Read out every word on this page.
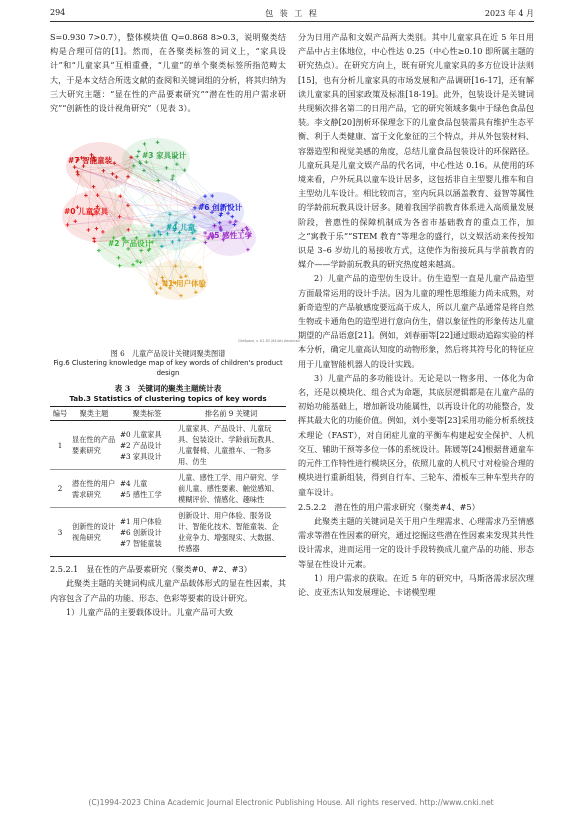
294	包 装 工 程	2023 年 4 月

S=0.930 7>0.7），整体模块值 Q=0.868 8>0.3，说明聚类结构是合理可信的[1]。然而，在各聚类标签的词义上，“家具设计”和“儿童家具”互相重叠，“儿童”的单个聚类标签所指范畴太大，于是本文结合所选文献的查阅和关键词组的分析，将其归纳为三大研究主题：“显在性的产品要素研究”“潜在性的用户需求研究”“创新性的设计视角研究”（见表 3）。

#7 智能童装
#3 家具设计
#0 儿童家具	#6 创新设计
#4 儿童
#5 感性工学
#2 产品设计
#1 用户体验
CiteSpace, v. 6.1.R2 (64-bit) Advanced
图 6　儿童产品设计关键词聚类图谱
Fig.6 Clustering knowledge map of key words of children's product design
表 3　关键词的聚类主题统计表
Tab.3 Statistics of clustering topics of key words
编号	聚类主题	聚类标签	排名前 9 关键词
1	显在性的产品要素研究	#0 儿童家具
#2 产品设计
#3 家具设计	儿童家具、产品设计、儿童玩具、包装设计、学龄前玩教具、儿童餐椅、儿童推车、一物多用、仿生
2	潜在性的用户需求研究	#4 儿童
#5 感性工学	儿童、感性工学、用户研究、学前儿童、感性要素、触觉感知、模糊评价、情感化、趣味性
3	创新性的设计视角研究	#1 用户体验
#6 创新设计
#7 智能童装	创新设计、用户体验、服务设计、智能化技术、智能童装、企业竞争力、增强现实、大数据、传感器

2.5.2.1　显在性的产品要素研究（聚类#0、#2、#3）

此聚类主题的关键词构成儿童产品载体形式的显在性因素，其内容包含了产品的功能、形态、色彩等要素的设计研究。

1）儿童产品的主要载体设计。儿童产品可大致

分为日用产品和文娱产品两大类别。其中儿童家具在近 5 年日用产品中占主体地位，中心性达 0.25（中心性≥0.10 即所属主题的研究热点）。在研究方向上，既有研究儿童家具的多方位设计法则[15]，也有分析儿童家具的市场发展和产品调研[16-17]，还有解读儿童家具的国家政策及标准[18-19]。此外，包装设计是关键词共现频次排名第二的日用产品，它的研究领域多集中于绿色食品包装。李文静[20]剖析环保理念下的儿童食品包装需具有维护生态平衡、利于人类健康、富于文化象征的三个特点，并从外包装材料、容器造型和视觉美感的角度，总结儿童食品包装设计的环保路径。儿童玩具是儿童文娱产品的代名词，中心性达 0.16。从使用的环境来看，户外玩具以童车设计居多，这包括非自主型婴儿推车和自主型幼儿车设计。相比较而言，室内玩具以涵盖教育、益智等属性的学龄前玩教具设计居多。随着我国学前教育体系进入高质量发展阶段，普惠性的保障机制成为各省市基础教育的重点工作，加之“寓教于乐”“STEM 教育”等理念的盛行，以文娱活动来传授知识是 3–6 岁幼儿的易接收方式，这使作为衔接玩具与学前教育的媒介——学龄前玩教具的研究热度越来越高。

2）儿童产品的造型仿生设计。仿生造型一直是儿童产品造型方面最常运用的设计手法。因为儿童的理性思维能力尚未成熟，对新奇造型的产品敏感度要远高于成人，所以儿童产品通常是将自然生物或卡通角色的造型进行意向仿生，借以象征性的形象传达儿童期望的产品语意[21]。例如，刘春丽等[22]通过眼动追踪实验的样本分析，确定儿童高认知度的动物形象，然后将其符号化的特征应用于儿童智能机器人的设计实践。

3）儿童产品的多功能设计。无论是以一物多用、一体化为命名，还是以模块化、组合式为命题，其底层逻辑都是在儿童产品的初始功能基础上，增加新设功能属性，以再设计化的功能整合，发挥其最大化的功能价值。例如，刘小斐等[23]采用功能分析系统技术理论（FAST），对自闭症儿童的平衡车构建起安全保护、人机交互、辅助干预等多位一体的系统设计。陈媛等[24]根据普通童车的元件工作特性进行模块区分，依照儿童的人机尺寸对检验合理的模块进行重新组装，得到自行车、三轮车、滑板车三种车型共存的童车设计。

2.5.2.2　潜在性的用户需求研究（聚类#4、#5）

此聚类主题的关键词是关于用户生理需求、心理需求乃至情感需求等潜在性因素的研究，通过挖掘这些潜在性因素来发现其共性设计需求，进而运用一定的设计手段转换成儿童产品的功能、形态等显在性设计元素。

1）用户需求的获取。在近 5 年的研究中，马斯洛需求层次理论、皮亚杰认知发展理论、卡诺模型理

(C)1994-2023 China Academic Journal Electronic Publishing House. All rights reserved. http://www.cnki.net
